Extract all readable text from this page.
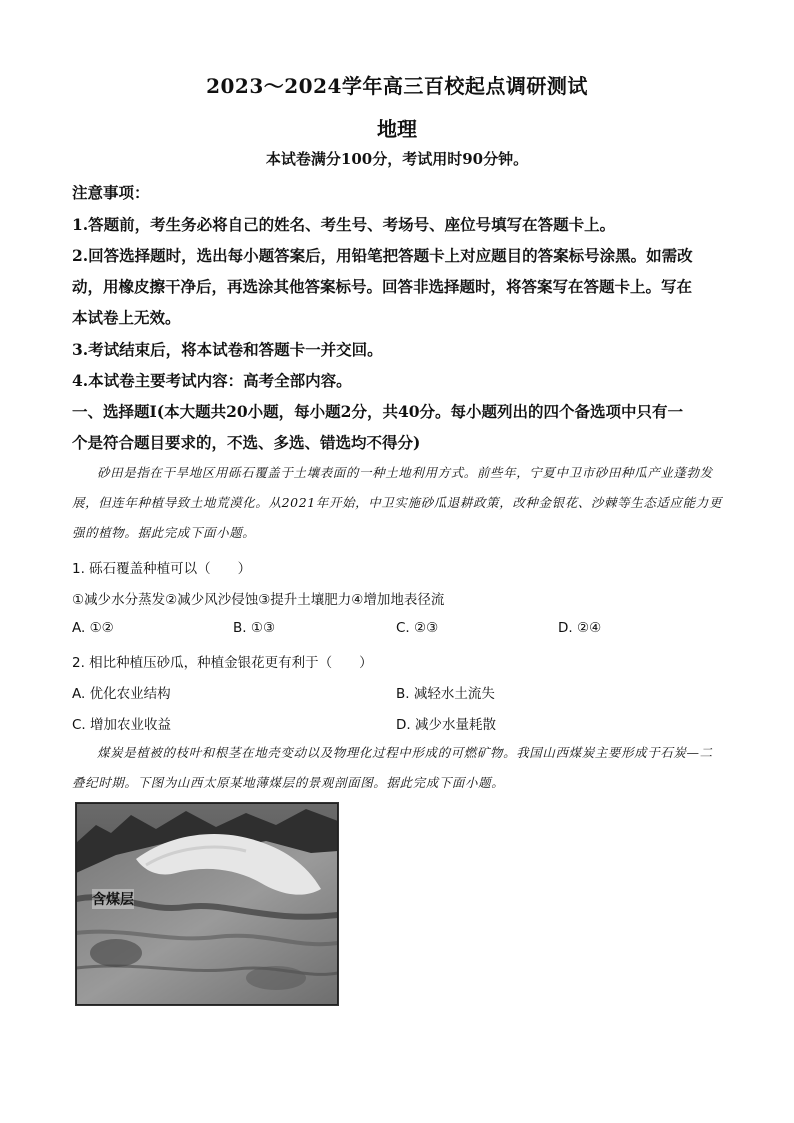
2023～2024学年高三百校起点调研测试
地理
本试卷满分100分，考试用时90分钟。
注意事项：
1.答题前，考生务必将自己的姓名、考生号、考场号、座位号填写在答题卡上。
2.回答选择题时，选出每小题答案后，用铅笔把答题卡上对应题目的答案标号涂黑。如需改
动，用橡皮擦干净后，再选涂其他答案标号。回答非选择题时，将答案写在答题卡上。写在
本试卷上无效。
3.考试结束后，将本试卷和答题卡一并交回。
4.本试卷主要考试内容：高考全部内容。
一、选择题Ⅰ(本大题共20小题，每小题2分，共40分。每小题列出的四个备选项中只有一
个是符合题目要求的，不选、多选、错选均不得分)
砂田是指在干旱地区用砾石覆盖于土壤表面的一种土地利用方式。前些年，宁夏中卫市砂田种瓜产业蓬勃发展，但连年种植导致土地荒漠化。从2021年开始，中卫实施砂瓜退耕政策，改种金银花、沙棘等生态适应能力更强的植物。据此完成下面小题。
1. 砾石覆盖种植可以（　　）
①减少水分蒸发②减少风沙侵蚀③提升土壤肥力④增加地表径流
A. ①②	B. ①③	C. ②③	D. ②④
2. 相比种植压砂瓜，种植金银花更有利于（　　）
A. 优化农业结构	B. 减轻水土流失
C. 增加农业收益	D. 减少水量耗散
煤炭是植被的枝叶和根茎在地壳变动以及物理化过程中形成的可燃矿物。我国山西煤炭主要形成于石炭—二叠纪时期。下图为山西太原某地薄煤层的景观剖面图。据此完成下面小题。
含煤层
